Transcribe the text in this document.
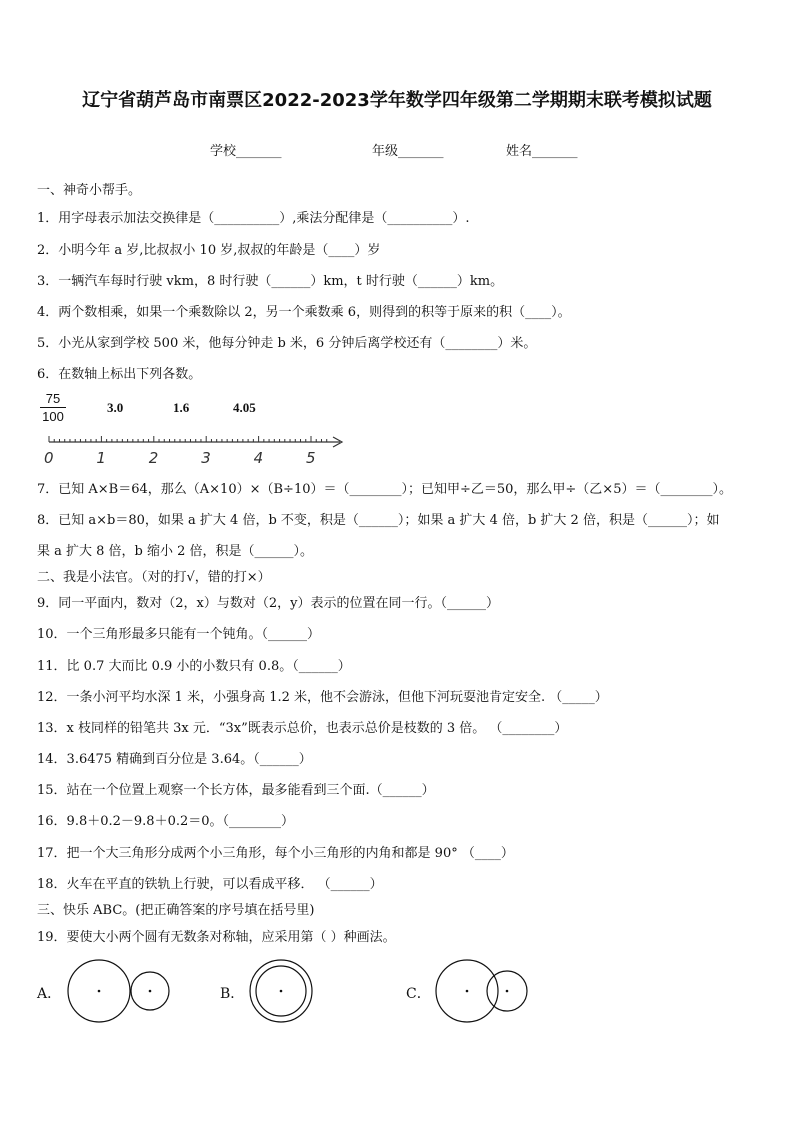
辽宁省葫芦岛市南票区2022-2023学年数学四年级第二学期期末联考模拟试题
学校_______	年级_______	姓名_______
一、神奇小帮手。
1．用字母表示加法交换律是（__________）,乘法分配律是（__________）.
2．小明今年 a 岁,比叔叔小 10 岁,叔叔的年龄是（____）岁
3．一辆汽车每时行驶 vkm，8 时行驶（______）km，t 时行驶（______）km。
4．两个数相乘，如果一个乘数除以 2，另一个乘数乘 6，则得到的积等于原来的积（____）。
5．小光从家到学校 500 米，他每分钟走 b 米，6 分钟后离学校还有（________）米。
6．在数轴上标出下列各数。
$\frac{75}{100}$	3.0	1.6	4.05
0	1	2	3	4	5
7．已知 A×B＝64，那么（A×10）×（B÷10）＝（________）；已知甲÷乙＝50，那么甲÷（乙×5）＝（________）。
8．已知 a×b＝80，如果 a 扩大 4 倍，b 不变，积是（______）；如果 a 扩大 4 倍，b 扩大 2 倍，积是（______）；如
果 a 扩大 8 倍，b 缩小 2 倍，积是（______）。
二、我是小法官。（对的打√，错的打×）
9．同一平面内，数对（2，x）与数对（2，y）表示的位置在同一行。（______）
10．一个三角形最多只能有一个钝角。（______）
11．比 0.7 大而比 0.9 小的小数只有 0.8。（______）
12．一条小河平均水深 1 米，小强身高 1.2 米，他不会游泳，但他下河玩耍池肯定安全. （_____）
13．x 枝同样的铅笔共 3x 元．“3x”既表示总价，也表示总价是枝数的 3 倍。 （________）
14．3.6475 精确到百分位是 3.64。（______）
15．站在一个位置上观察一个长方体，最多能看到三个面.（______）
16．9.8＋0.2－9.8＋0.2＝0。（________）
17．把一个大三角形分成两个小三角形，每个小三角形的内角和都是 90° （____）
18．火车在平直的铁轨上行驶，可以看成平移． （______）
三、快乐 ABC。(把正确答案的序号填在括号里)
19．要使大小两个圆有无数条对称轴，应采用第（ ）种画法。
A．	B．	C．
